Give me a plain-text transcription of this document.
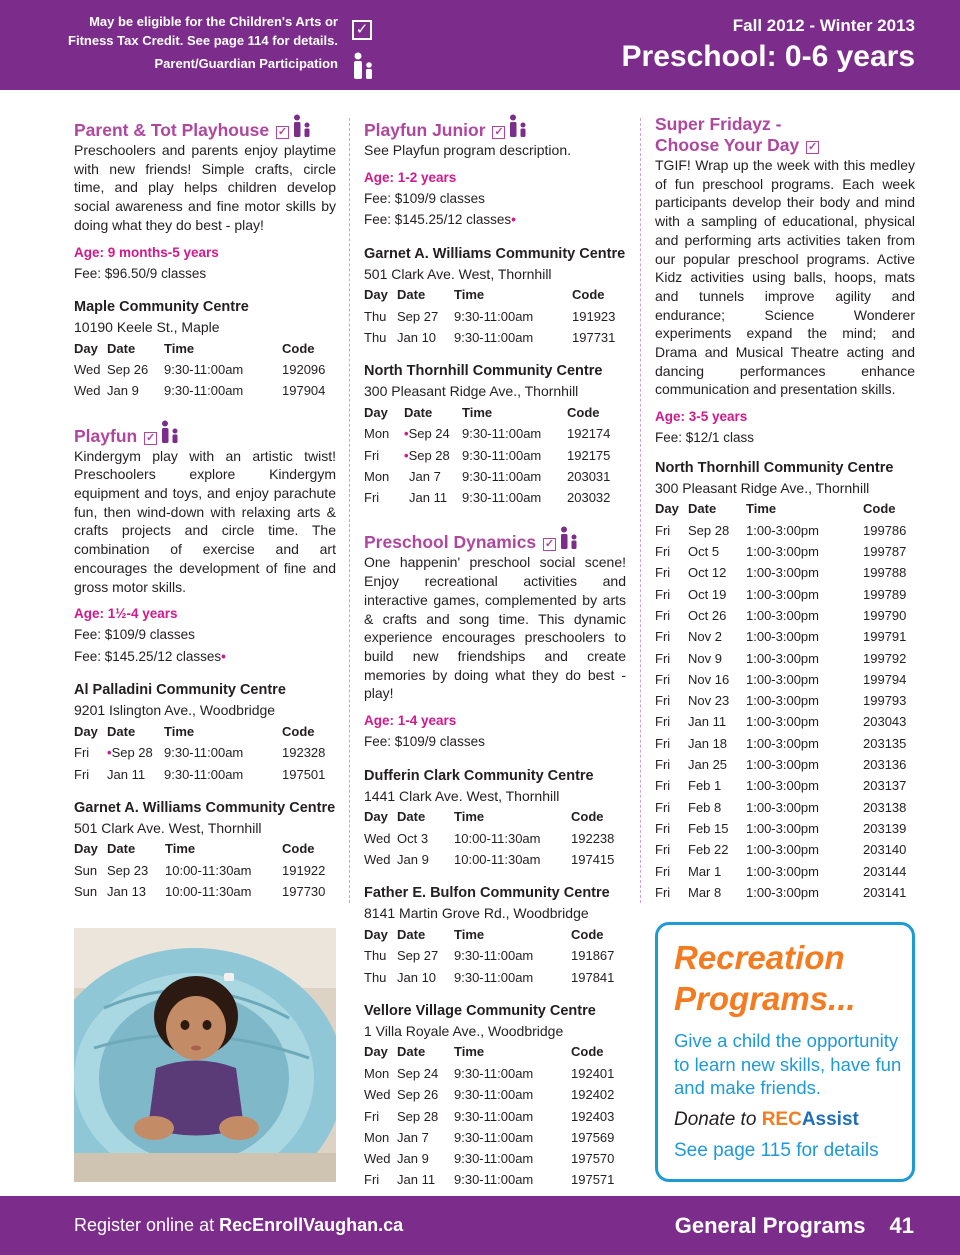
May be eligible for the Children's Arts or
Fitness Tax Credit. See page 114 for details.
Parent/Guardian Participation
✓	Fall 2012 - Winter 2013
Preschool: 0-6 years
Parent & Tot Playhouse ✓
Preschoolers and parents enjoy playtime with new friends! Simple crafts, circle time, and play helps children develop social awareness and fine motor skills by doing what they do best - play!
Age: 9 months-5 years
Fee: $96.50/9 classes
Maple Community Centre
10190 Keele St., Maple
Day	Date	Time	Code
Wed	Sep 26	9:30-11:00am	192096
Wed	Jan 9	9:30-11:00am	197904
Playfun ✓
Kindergym play with an artistic twist! Preschoolers explore Kindergym equipment and toys, and enjoy parachute fun, then wind-down with relaxing arts & crafts projects and circle time. The combination of exercise and art encourages the development of fine and gross motor skills.
Age: 1½-4 years
Fee: $109/9 classes
Fee: $145.25/12 classes•
Al Palladini Community Centre
9201 Islington Ave., Woodbridge
Day	Date	Time	Code
Fri	•Sep 28	9:30-11:00am	192328
Fri	Jan 11	9:30-11:00am	197501
Garnet A. Williams Community Centre
501 Clark Ave. West, Thornhill
Day	Date	Time	Code
Sun	Sep 23	10:00-11:30am	191922
Sun	Jan 13	10:00-11:30am	197730
Playfun Junior ✓
See Playfun program description.
Age: 1-2 years
Fee: $109/9 classes
Fee: $145.25/12 classes•
Garnet A. Williams Community Centre
501 Clark Ave. West, Thornhill
Day	Date	Time	Code
Thu	Sep 27	9:30-11:00am	191923
Thu	Jan 10	9:30-11:00am	197731
North Thornhill Community Centre
300 Pleasant Ridge Ave., Thornhill
Day	Date	Time	Code
Mon	•Sep 24	9:30-11:00am	192174
Fri	•Sep 28	9:30-11:00am	192175
Mon	Jan 7	9:30-11:00am	203031
Fri	Jan 11	9:30-11:00am	203032
Preschool Dynamics ✓
One happenin' preschool social scene! Enjoy recreational activities and interactive games, complemented by arts & crafts and song time. This dynamic experience encourages preschoolers to build new friendships and create memories by doing what they do best - play!
Age: 1-4 years
Fee: $109/9 classes
Dufferin Clark Community Centre
1441 Clark Ave. West, Thornhill
Day	Date	Time	Code
Wed	Oct 3	10:00-11:30am	192238
Wed	Jan 9	10:00-11:30am	197415
Father E. Bulfon Community Centre
8141 Martin Grove Rd., Woodbridge
Day	Date	Time	Code
Thu	Sep 27	9:30-11:00am	191867
Thu	Jan 10	9:30-11:00am	197841
Vellore Village Community Centre
1 Villa Royale Ave., Woodbridge
Day	Date	Time	Code
Mon	Sep 24	9:30-11:00am	192401
Wed	Sep 26	9:30-11:00am	192402
Fri	Sep 28	9:30-11:00am	192403
Mon	Jan 7	9:30-11:00am	197569
Wed	Jan 9	9:30-11:00am	197570
Fri	Jan 11	9:30-11:00am	197571
Super Fridayz -
Choose Your Day ✓
TGIF! Wrap up the week with this medley of fun preschool programs. Each week participants develop their body and mind with a sampling of educational, physical and performing arts activities taken from our popular preschool programs. Active Kidz activities using balls, hoops, mats and tunnels improve agility and endurance; Science Wonderer experiments expand the mind; and Drama and Musical Theatre acting and dancing performances enhance communication and presentation skills.
Age: 3-5 years
Fee: $12/1 class
North Thornhill Community Centre
300 Pleasant Ridge Ave., Thornhill
Day	Date	Time	Code
Fri	Sep 28	1:00-3:00pm	199786
Fri	Oct 5	1:00-3:00pm	199787
Fri	Oct 12	1:00-3:00pm	199788
Fri	Oct 19	1:00-3:00pm	199789
Fri	Oct 26	1:00-3:00pm	199790
Fri	Nov 2	1:00-3:00pm	199791
Fri	Nov 9	1:00-3:00pm	199792
Fri	Nov 16	1:00-3:00pm	199794
Fri	Nov 23	1:00-3:00pm	199793
Fri	Jan 11	1:00-3:00pm	203043
Fri	Jan 18	1:00-3:00pm	203135
Fri	Jan 25	1:00-3:00pm	203136
Fri	Feb 1	1:00-3:00pm	203137
Fri	Feb 8	1:00-3:00pm	203138
Fri	Feb 15	1:00-3:00pm	203139
Fri	Feb 22	1:00-3:00pm	203140
Fri	Mar 1	1:00-3:00pm	203144
Fri	Mar 8	1:00-3:00pm	203141
Recreation
Programs...
Give a child the opportunity to learn new skills, have fun and make friends.
Donate to RECAssist
See page 115 for details
Register online at RecEnrollVaughan.ca	General Programs 41
